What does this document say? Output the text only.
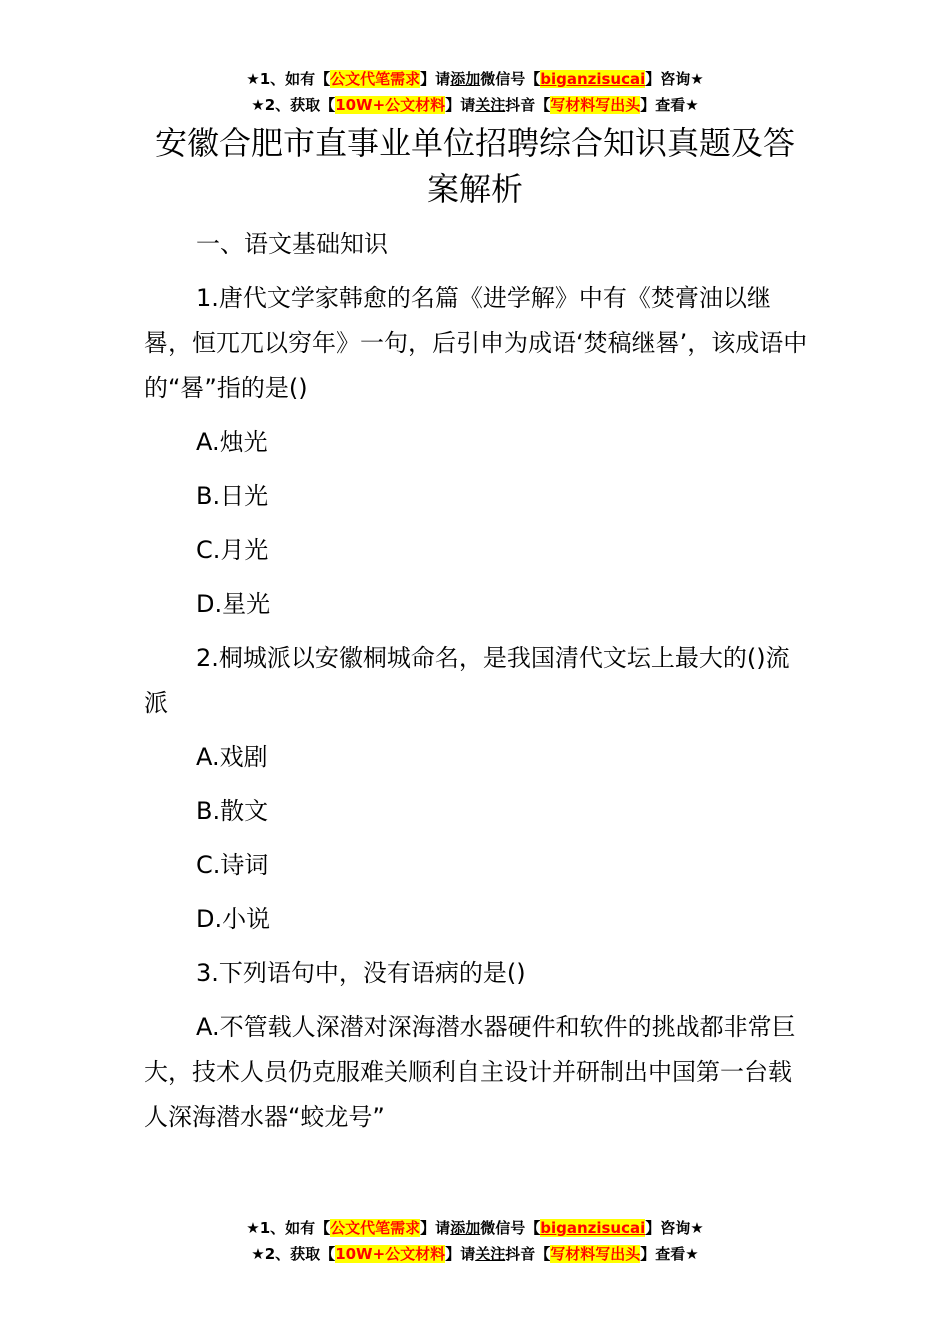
★1、如有【公文代笔需求】请添加微信号【biganzisucai】咨询★
★2、获取【10W+公文材料】请关注抖音【写材料写出头】查看★
安徽合肥市直事业单位招聘综合知识真题及答案解析

一、语文基础知识

1.唐代文学家韩愈的名篇《进学解》中有《焚膏油以继晷，恒兀兀以穷年》一句，后引申为成语‘焚稿继晷’，该成语中的“晷”指的是()

A.烛光

B.日光

C.月光

D.星光

2.桐城派以安徽桐城命名，是我国清代文坛上最大的()流派

A.戏剧

B.散文

C.诗词

D.小说

3.下列语句中，没有语病的是()

A.不管载人深潜对深海潜水器硬件和软件的挑战都非常巨大，技术人员仍克服难关顺利自主设计并研制出中国第一台载人深海潜水器“蛟龙号”

★1、如有【公文代笔需求】请添加微信号【biganzisucai】咨询★
★2、获取【10W+公文材料】请关注抖音【写材料写出头】查看★
